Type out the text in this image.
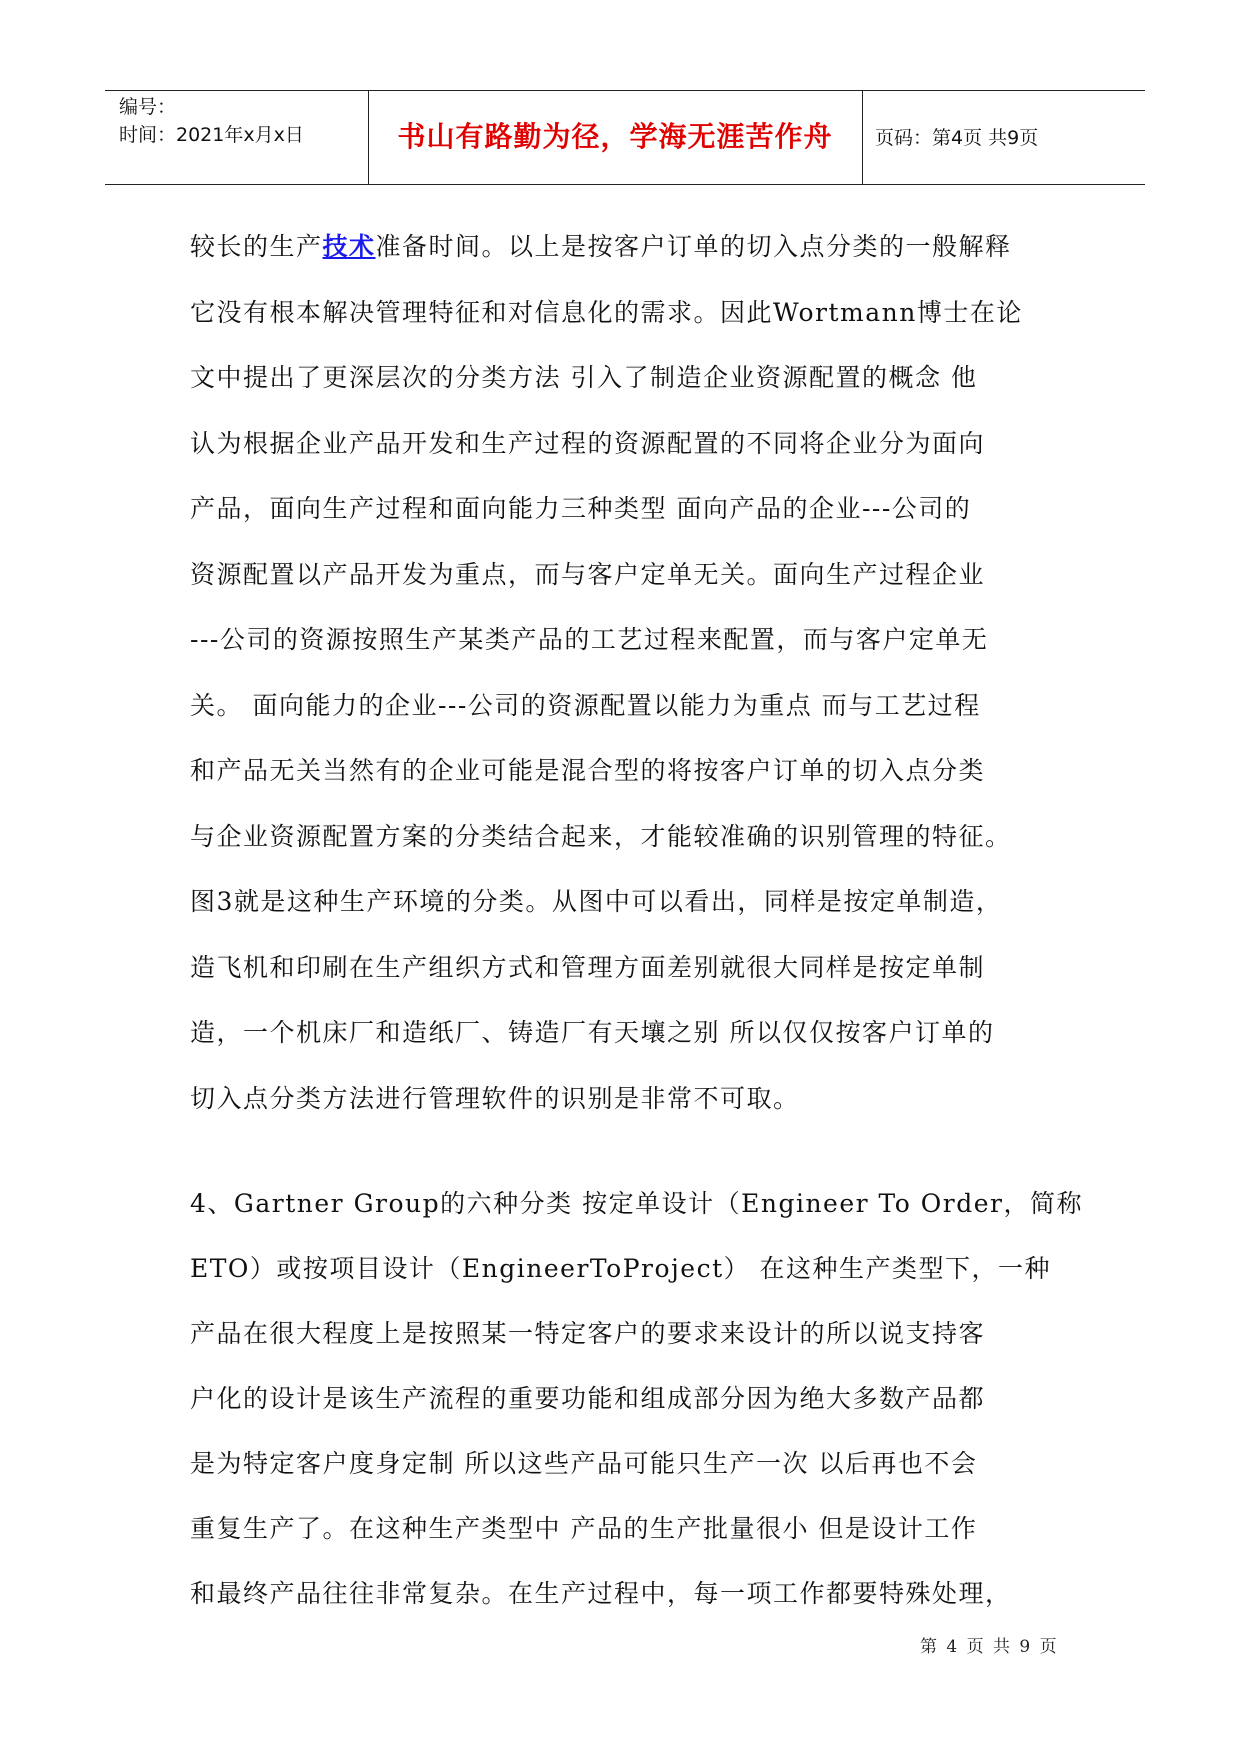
编号：
时间：2021年x月x日	书山有路勤为径，学海无涯苦作舟	页码：第4页 共9页
较长的生产技术准备时间。以上是按客户订单的切入点分类的一般解释
它没有根本解决管理特征和对信息化的需求。因此Wortmann博士在论
文中提出了更深层次的分类方法 引入了制造企业资源配置的概念 他
认为根据企业产品开发和生产过程的资源配置的不同将企业分为面向
产品，面向生产过程和面向能力三种类型 面向产品的企业---公司的
资源配置以产品开发为重点，而与客户定单无关。面向生产过程企业
---公司的资源按照生产某类产品的工艺过程来配置，而与客户定单无
关。 面向能力的企业---公司的资源配置以能力为重点 而与工艺过程
和产品无关当然有的企业可能是混合型的将按客户订单的切入点分类
与企业资源配置方案的分类结合起来，才能较准确的识别管理的特征。
图3就是这种生产环境的分类。从图中可以看出，同样是按定单制造，
造飞机和印刷在生产组织方式和管理方面差别就很大同样是按定单制
造，一个机床厂和造纸厂、铸造厂有天壤之别 所以仅仅按客户订单的
切入点分类方法进行管理软件的识别是非常不可取。
4、Gartner Group的六种分类 按定单设计（Engineer To Order，简称
ETO）或按项目设计（EngineerToProject） 在这种生产类型下，一种
产品在很大程度上是按照某一特定客户的要求来设计的所以说支持客
户化的设计是该生产流程的重要功能和组成部分因为绝大多数产品都
是为特定客户度身定制 所以这些产品可能只生产一次 以后再也不会
重复生产了。在这种生产类型中 产品的生产批量很小 但是设计工作
和最终产品往往非常复杂。在生产过程中，每一项工作都要特殊处理，
第 4 页 共 9 页
